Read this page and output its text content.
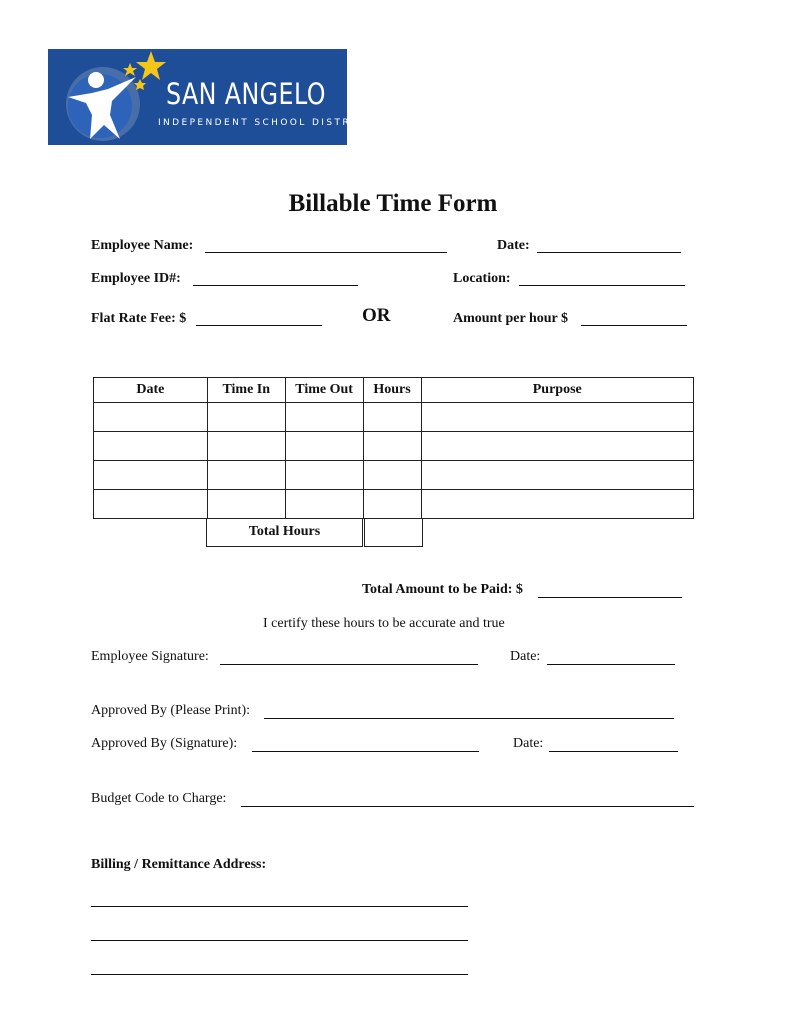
SAN ANGELO
INDEPENDENT SCHOOL DISTRICT
Billable Time Form
Employee Name:	Date:
Employee ID#:	Location:
Flat Rate Fee: $	OR	Amount per hour $
Date	Time In	Time Out	Hours	Purpose

Total Hours
Total Amount to be Paid: $
I certify these hours to be accurate and true
Employee Signature:	Date:
Approved By (Please Print):
Approved By (Signature):	Date:
Budget Code to Charge:
Billing / Remittance Address:
